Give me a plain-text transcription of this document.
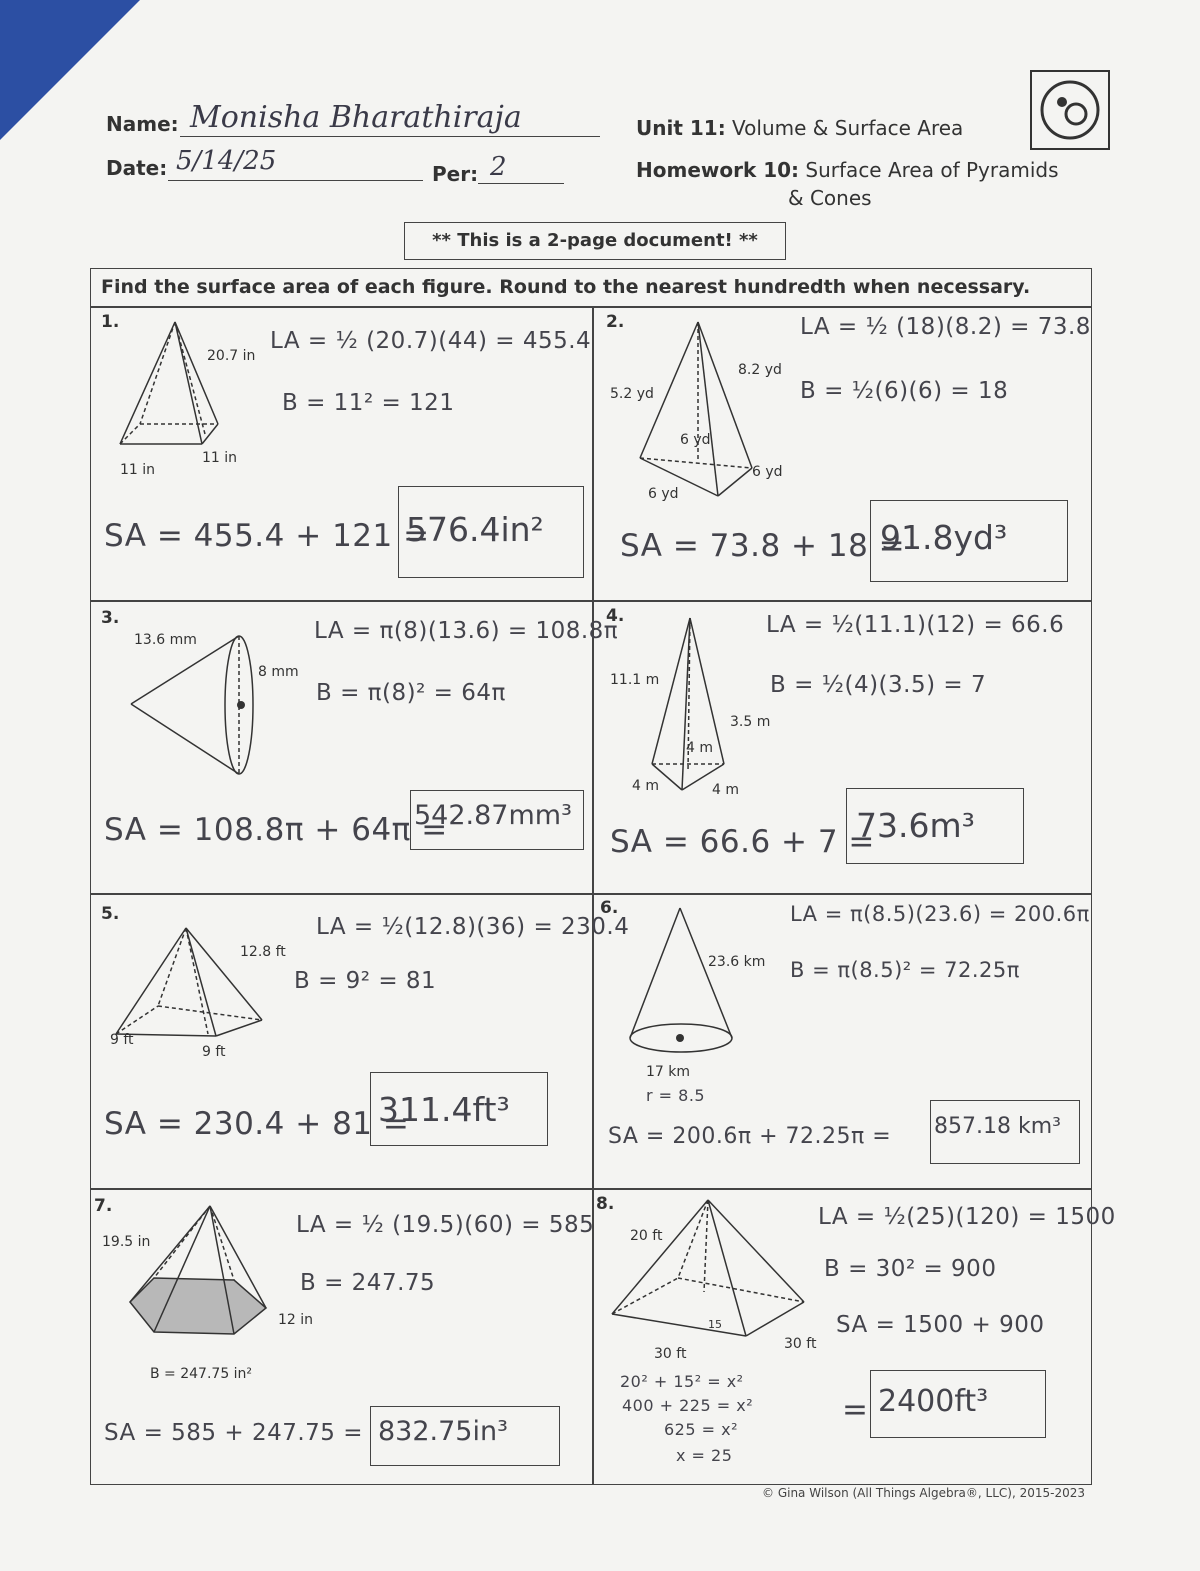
Name: Monisha Bharathiraja
Date: 5/14/25	Per: 2
Unit 11: Volume & Surface Area
Homework 10: Surface Area of Pyramids
& Cones
** This is a 2-page document! **
Find the surface area of each figure. Round to the nearest hundredth when necessary.
1.
20.7 in
11 in
11 in
LA = ½ (20.7)(44) = 455.4
B = 11² = 121
SA = 455.4 + 121 =
576.4in²
2.
8.2 yd
5.2 yd
6 yd
6 yd
6 yd
LA = ½ (18)(8.2) = 73.8
B = ½(6)(6) = 18
SA = 73.8 + 18 =
91.8yd³
3.
13.6 mm
8 mm
LA = π(8)(13.6) = 108.8π
B = π(8)² = 64π
SA = 108.8π + 64π =
542.87mm³
4.
11.1 m
3.5 m
4 m
4 m	4 m
LA = ½(11.1)(12) = 66.6
B = ½(4)(3.5) = 7
SA = 66.6 + 7 =
73.6m³
5.
12.8 ft
9 ft
9 ft
LA = ½(12.8)(36) = 230.4
B = 9² = 81
SA = 230.4 + 81 =
311.4ft³
6.
23.6 km
17 km
LA = π(8.5)(23.6) = 200.6π
B = π(8.5)² = 72.25π
r = 8.5
SA = 200.6π + 72.25π = 857.18 km³
7.
19.5 in
12 in
B = 247.75 in²
LA = ½ (19.5)(60) = 585
B = 247.75
SA = 585 + 247.75 = 832.75in³
8.
20 ft
30 ft
30 ft
15
LA = ½(25)(120) = 1500
B = 30² = 900
SA = 1500 + 900
20² + 15² = x²
400 + 225 = x²
625 = x²
x = 25
= 2400ft³
© Gina Wilson (All Things Algebra®, LLC), 2015-2023
